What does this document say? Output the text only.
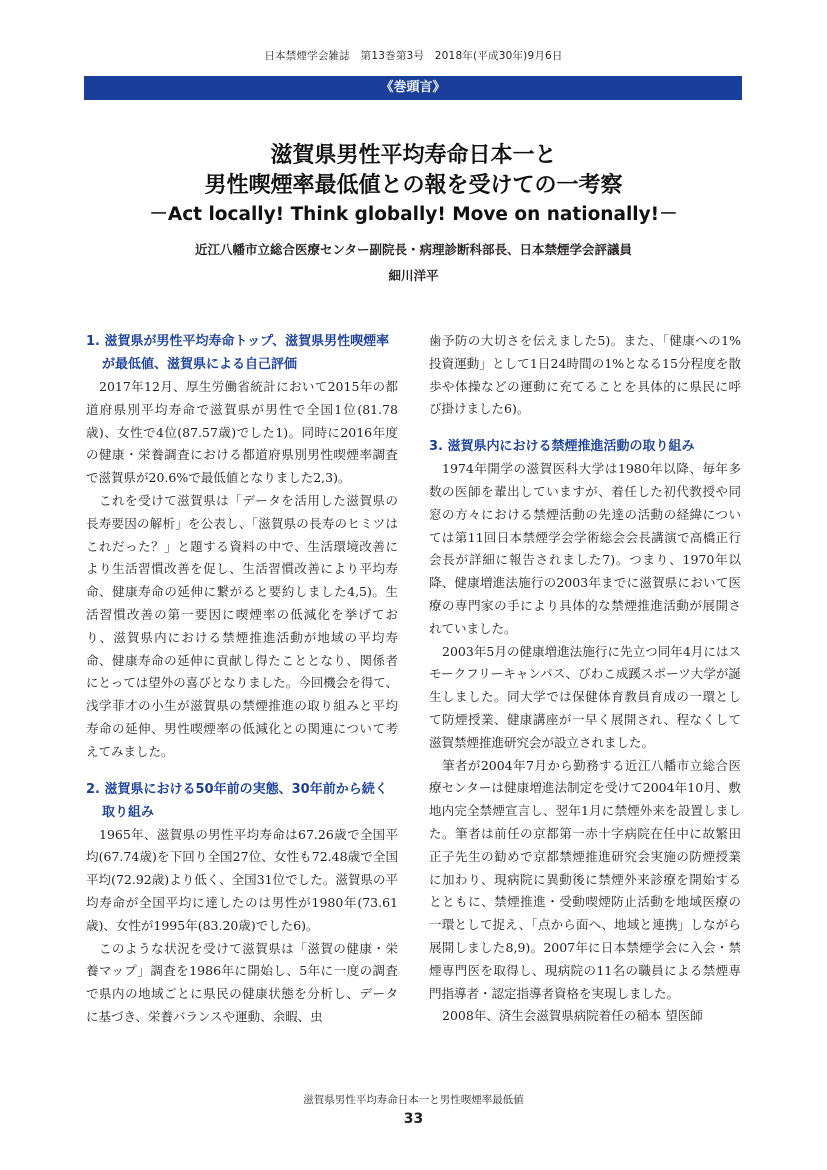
日本禁煙学会雑誌　第13巻第3号　2018年(平成30年)9月6日
《巻頭言》
滋賀県男性平均寿命日本一と
男性喫煙率最低値との報を受けての一考察
－Act locally! Think globally! Move on nationally!－
近江八幡市立総合医療センター副院長・病理診断科部長、日本禁煙学会評議員
細川洋平

1. 滋賀県が男性平均寿命トップ、滋賀県男性喫煙率が最低値、滋賀県による自己評価

2017年12月、厚生労働省統計において2015年の都道府県別平均寿命で滋賀県が男性で全国1位(81.78歳)、女性で4位(87.57歳)でした1)。同時に2016年度の健康・栄養調査における都道府県別男性喫煙率調査で滋賀県が20.6%で最低値となりました2,3)。

これを受けて滋賀県は「データを活用した滋賀県の長寿要因の解析」を公表し、「滋賀県の長寿のヒミツはこれだった？」と題する資料の中で、生活環境改善により生活習慣改善を促し、生活習慣改善により平均寿命、健康寿命の延伸に繋がると要約しました4,5)。生活習慣改善の第一要因に喫煙率の低減化を挙げており、滋賀県内における禁煙推進活動が地域の平均寿命、健康寿命の延伸に貢献し得たこととなり、関係者にとっては望外の喜びとなりました。今回機会を得て、浅学菲才の小生が滋賀県の禁煙推進の取り組みと平均寿命の延伸、男性喫煙率の低減化との関連について考えてみました。

2. 滋賀県における50年前の実態、30年前から続く取り組み

1965年、滋賀県の男性平均寿命は67.26歳で全国平均(67.74歳)を下回り全国27位、女性も72.48歳で全国平均(72.92歳)より低く、全国31位でした。滋賀県の平均寿命が全国平均に達したのは男性が1980年(73.61歳)、女性が1995年(83.20歳)でした6)。

このような状況を受けて滋賀県は「滋賀の健康・栄養マップ」調査を1986年に開始し、5年に一度の調査で県内の地域ごとに県民の健康状態を分析し、データに基づき、栄養バランスや運動、余暇、虫

歯予防の大切さを伝えました5)。また、「健康への1%投資運動」として1日24時間の1%となる15分程度を散歩や体操などの運動に充てることを具体的に県民に呼び掛けました6)。

3. 滋賀県内における禁煙推進活動の取り組み

1974年開学の滋賀医科大学は1980年以降、毎年多数の医師を輩出していますが、着任した初代教授や同窓の方々における禁煙活動の先達の活動の経緯については第11回日本禁煙学会学術総会会長講演で高橋正行会長が詳細に報告されました7)。つまり、1970年以降、健康増進法施行の2003年までに滋賀県において医療の専門家の手により具体的な禁煙推進活動が展開されていました。

2003年5月の健康増進法施行に先立つ同年4月にはスモークフリーキャンパス、びわこ成蹊スポーツ大学が誕生しました。同大学では保健体育教員育成の一環として防煙授業、健康講座が一早く展開され、程なくして滋賀禁煙推進研究会が設立されました。

筆者が2004年7月から勤務する近江八幡市立総合医療センターは健康増進法制定を受けて2004年10月、敷地内完全禁煙宣言し、翌年1月に禁煙外来を設置しました。筆者は前任の京都第一赤十字病院在任中に故繁田正子先生の勧めで京都禁煙推進研究会実施の防煙授業に加わり、現病院に異動後に禁煙外来診療を開始するとともに、禁煙推進・受動喫煙防止活動を地域医療の一環として捉え、「点から面へ、地域と連携」しながら展開しました8,9)。2007年に日本禁煙学会に入会・禁煙専門医を取得し、現病院の11名の職員による禁煙専門指導者・認定指導者資格を実現しました。

2008年、済生会滋賀県病院着任の稲本 望医師

滋賀県男性平均寿命日本一と男性喫煙率最低値
33
